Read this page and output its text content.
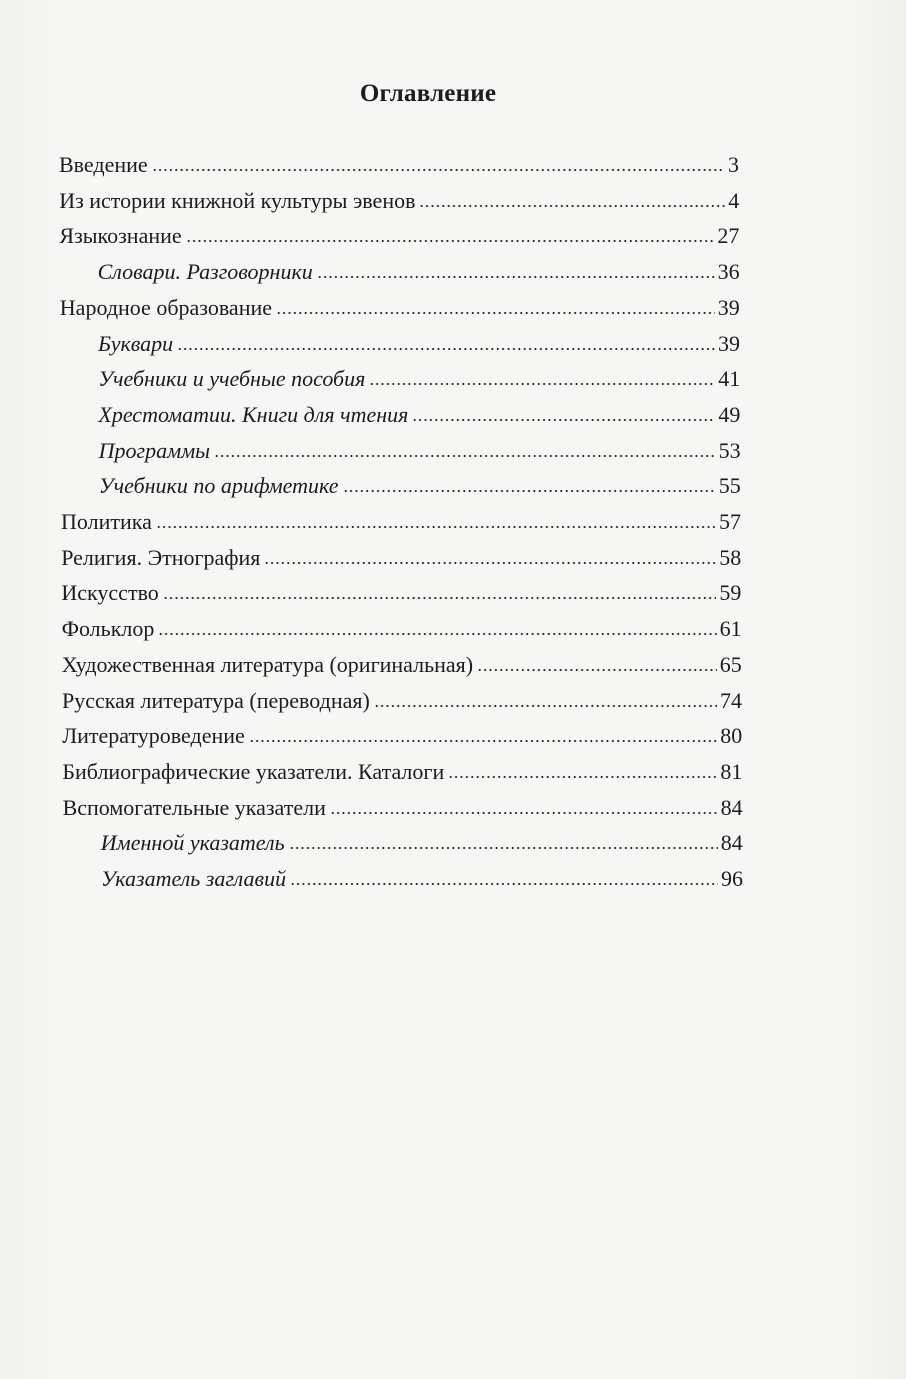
Оглавление
Введение	3
Из истории книжной культуры эвенов	4
Языкознание	27
Словари. Разговорники	36
Народное образование	39
Буквари	39
Учебники и учебные пособия	41
Хрестоматии. Книги для чтения	49
Программы	53
Учебники по арифметике	55
Политика	57
Религия. Этнография	58
Искусство	59
Фольклор	61
Художественная литература (оригинальная)	65
Русская литература (переводная)	74
Литературоведение	80
Библиографические указатели. Каталоги	81
Вспомогательные указатели	84
Именной указатель	84
Указатель заглавий	96
